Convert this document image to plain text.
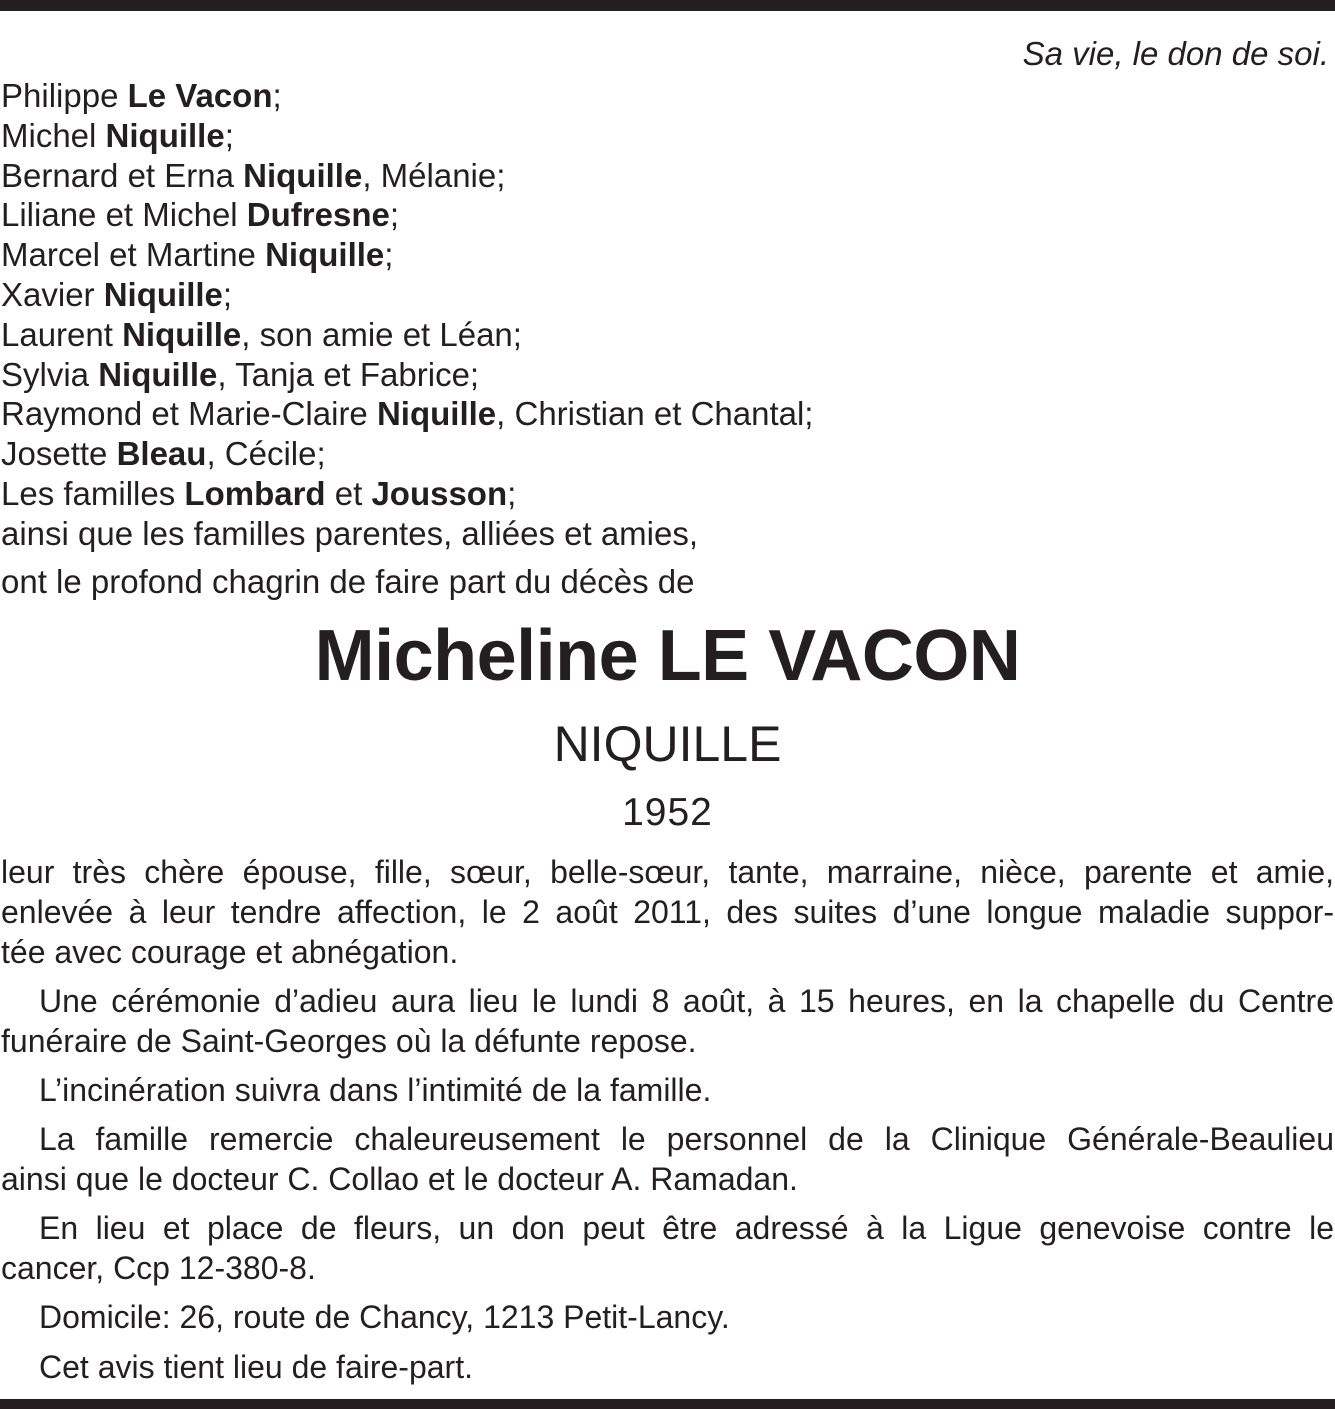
Sa vie, le don de soi.
Philippe Le Vacon;
Michel Niquille;
Bernard et Erna Niquille, Mélanie;
Liliane et Michel Dufresne;
Marcel et Martine Niquille;
Xavier Niquille;
Laurent Niquille, son amie et Léan;
Sylvia Niquille, Tanja et Fabrice;
Raymond et Marie-Claire Niquille, Christian et Chantal;
Josette Bleau, Cécile;
Les familles Lombard et Jousson;
ainsi que les familles parentes, alliées et amies,
ont le profond chagrin de faire part du décès de
Micheline LE VACON
NIQUILLE
1952
leur très chère épouse, fille, sœur, belle-sœur, tante, marraine, nièce, parente et amie,
enlevée à leur tendre affection, le 2 août 2011, des suites d’une longue maladie suppor-
tée avec courage et abnégation.
Une cérémonie d’adieu aura lieu le lundi 8 août, à 15 heures, en la chapelle du Centre
funéraire de Saint-Georges où la défunte repose.
L’incinération suivra dans l’intimité de la famille.
La famille remercie chaleureusement le personnel de la Clinique Générale-Beaulieu
ainsi que le docteur C. Collao et le docteur A. Ramadan.
En lieu et place de fleurs, un don peut être adressé à la Ligue genevoise contre le
cancer, Ccp 12-380-8.
Domicile: 26, route de Chancy, 1213 Petit-Lancy.
Cet avis tient lieu de faire-part.
